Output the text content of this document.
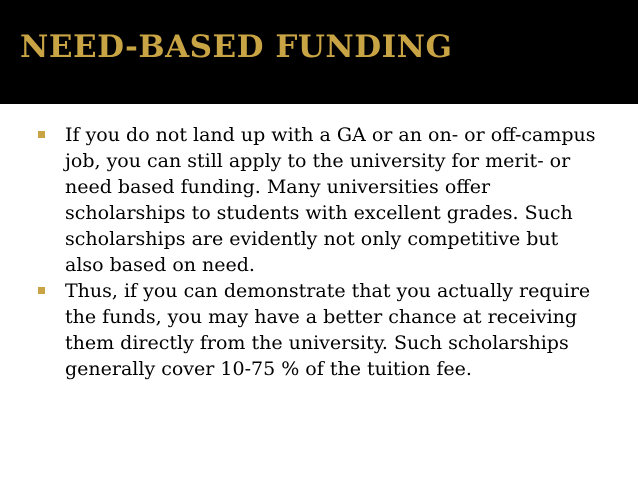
NEED-BASED FUNDING
If you do not land up with a GA or an on- or off-campus job, you can still apply to the university for merit- or need based funding. Many universities offer scholarships to students with excellent grades. Such scholarships are evidently not only competitive but also based on need.
Thus, if you can demonstrate that you actually require the funds, you may have a better chance at receiving them directly from the university. Such scholarships generally cover 10-75 % of the tuition fee.
